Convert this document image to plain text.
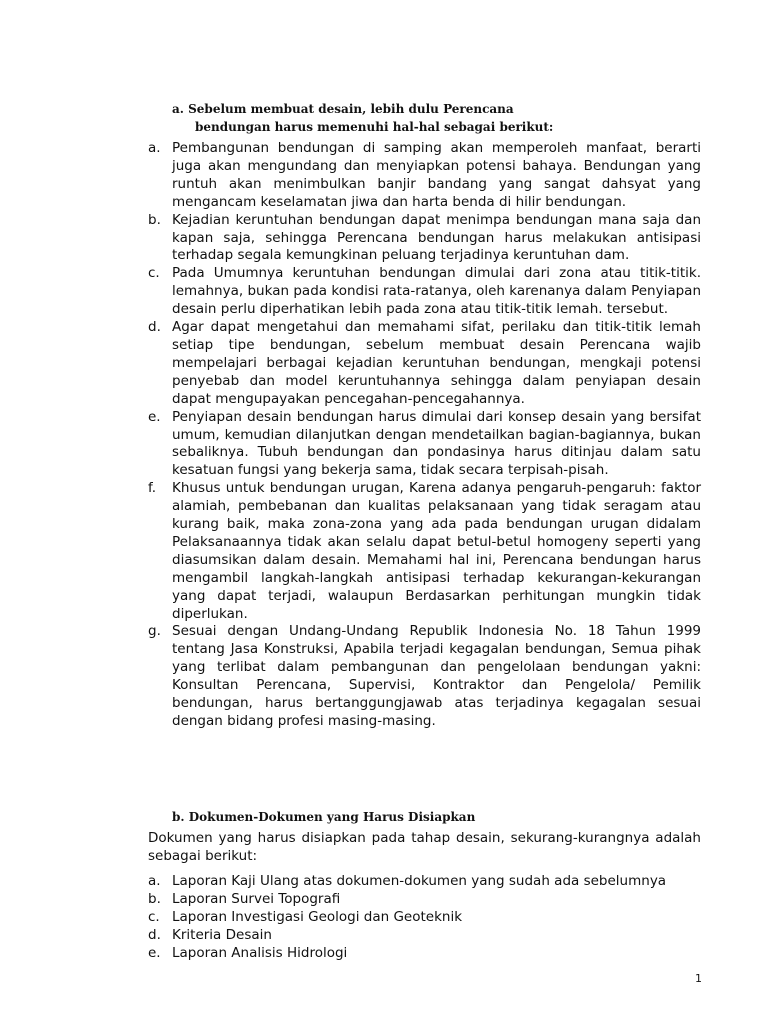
a. Sebelum membuat desain, lebih dulu Perencana
bendungan harus memenuhi hal-hal sebagai berikut:
a. Pembangunan bendungan di samping akan memperoleh manfaat, berarti juga akan mengundang dan menyiapkan potensi bahaya. Bendungan yang runtuh akan menimbulkan banjir bandang yang sangat dahsyat yang mengancam keselamatan jiwa dan harta benda di hilir bendungan.
b. Kejadian keruntuhan bendungan dapat menimpa bendungan mana saja dan kapan saja, sehingga Perencana bendungan harus melakukan antisipasi terhadap segala kemungkinan peluang terjadinya keruntuhan dam.
c. Pada Umumnya keruntuhan bendungan dimulai dari zona atau titik-titik. lemahnya, bukan pada kondisi rata-ratanya, oleh karenanya dalam Penyiapan desain perlu diperhatikan lebih pada zona atau titik-titik lemah. tersebut.
d. Agar dapat mengetahui dan memahami sifat, perilaku dan titik-titik lemah setiap tipe bendungan, sebelum membuat desain Perencana wajib mempelajari berbagai kejadian keruntuhan bendungan, mengkaji potensi penyebab dan model keruntuhannya sehingga dalam penyiapan desain dapat mengupayakan pencegahan-pencegahannya.
e. Penyiapan desain bendungan harus dimulai dari konsep desain yang bersifat umum, kemudian dilanjutkan dengan mendetailkan bagian-bagiannya, bukan sebaliknya. Tubuh bendungan dan pondasinya harus ditinjau dalam satu kesatuan fungsi yang bekerja sama, tidak secara terpisah-pisah.
f. Khusus untuk bendungan urugan, Karena adanya pengaruh-pengaruh: faktor alamiah, pembebanan dan kualitas pelaksanaan yang tidak seragam atau kurang baik, maka zona-zona yang ada pada bendungan urugan didalam Pelaksanaannya tidak akan selalu dapat betul-betul homogeny seperti yang diasumsikan dalam desain. Memahami hal ini, Perencana bendungan harus mengambil langkah-langkah antisipasi terhadap kekurangan-kekurangan yang dapat terjadi, walaupun Berdasarkan perhitungan mungkin tidak diperlukan.
g. Sesuai dengan Undang-Undang Republik Indonesia No. 18 Tahun 1999 tentang Jasa Konstruksi, Apabila terjadi kegagalan bendungan, Semua pihak yang terlibat dalam pembangunan dan pengelolaan bendungan yakni: Konsultan Perencana, Supervisi, Kontraktor dan Pengelola/ Pemilik bendungan, harus bertanggungjawab atas terjadinya kegagalan sesuai dengan bidang profesi masing-masing.
b. Dokumen-Dokumen yang Harus Disiapkan

Dokumen yang harus disiapkan pada tahap desain, sekurang-kurangnya adalah sebagai berikut:

a. Laporan Kaji Ulang atas dokumen-dokumen yang sudah ada sebelumnya
b. Laporan Survei Topografi
c. Laporan Investigasi Geologi dan Geoteknik
d. Kriteria Desain
e. Laporan Analisis Hidrologi
1
